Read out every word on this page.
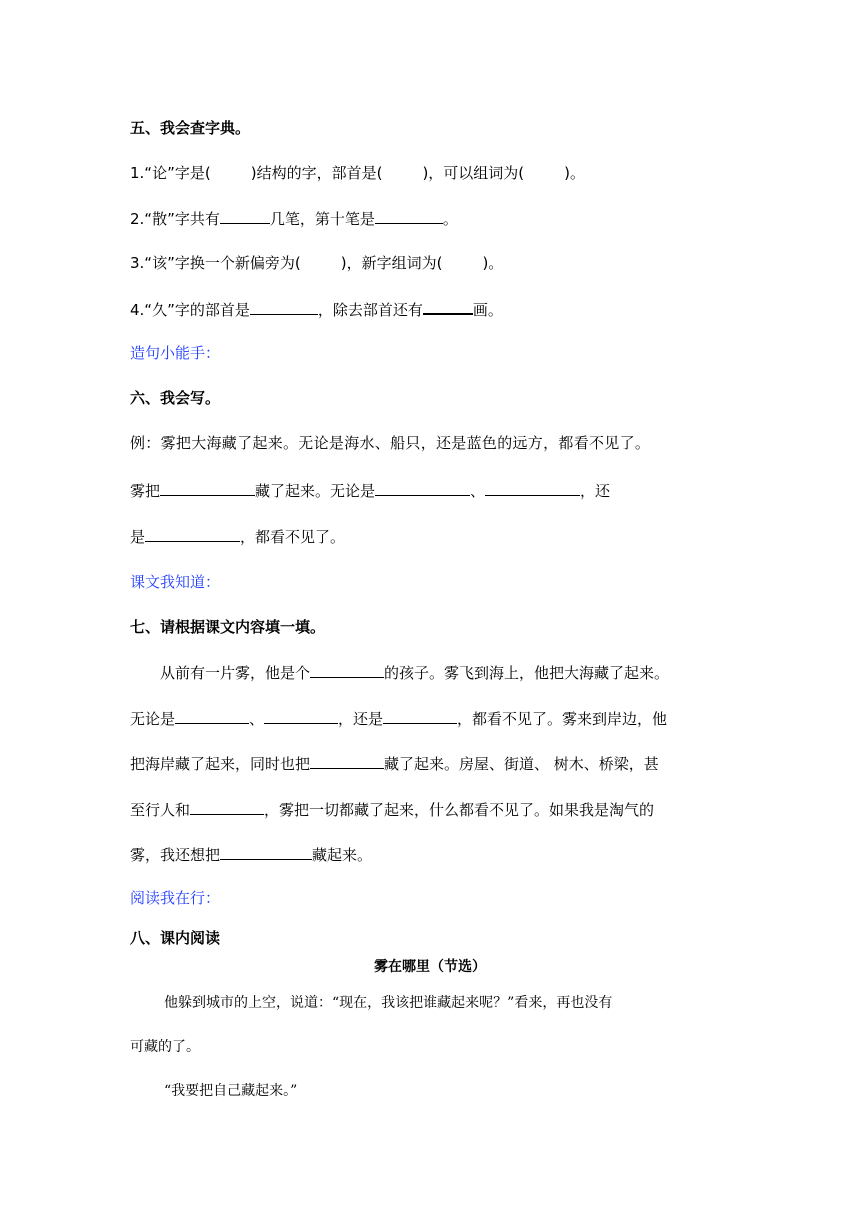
五、我会查字典。
1.“论”字是(	)结构的字，部首是(	)，可以组词为(	)。
2.“散”字共有	几笔，第十笔是	。
3.“该”字换一个新偏旁为(	)，新字组词为(	)。
4.“久”字的部首是	，除去部首还有	画。
造句小能手：
六、我会写。
例：雾把大海藏了起来。无论是海水、船只，还是蓝色的远方，都看不见了。
雾把	藏了起来。无论是	、	，还
是	，都看不见了。
课文我知道：
七、请根据课文内容填一填。
从前有一片雾，他是个	的孩子。雾飞到海上，他把大海藏了起来。
无论是	、	，还是	，都看不见了。雾来到岸边，他
把海岸藏了起来，同时也把	藏了起来。房屋、街道、 树木、桥梁，甚
至行人和	，雾把一切都藏了起来，什么都看不见了。如果我是淘气的
雾，我还想把	藏起来。
阅读我在行：
八、课内阅读
雾在哪里（节选）
他躲到城市的上空，说道：“现在，我该把谁藏起来呢？”看来，再也没有
可藏的了。
“我要把自己藏起来。”
